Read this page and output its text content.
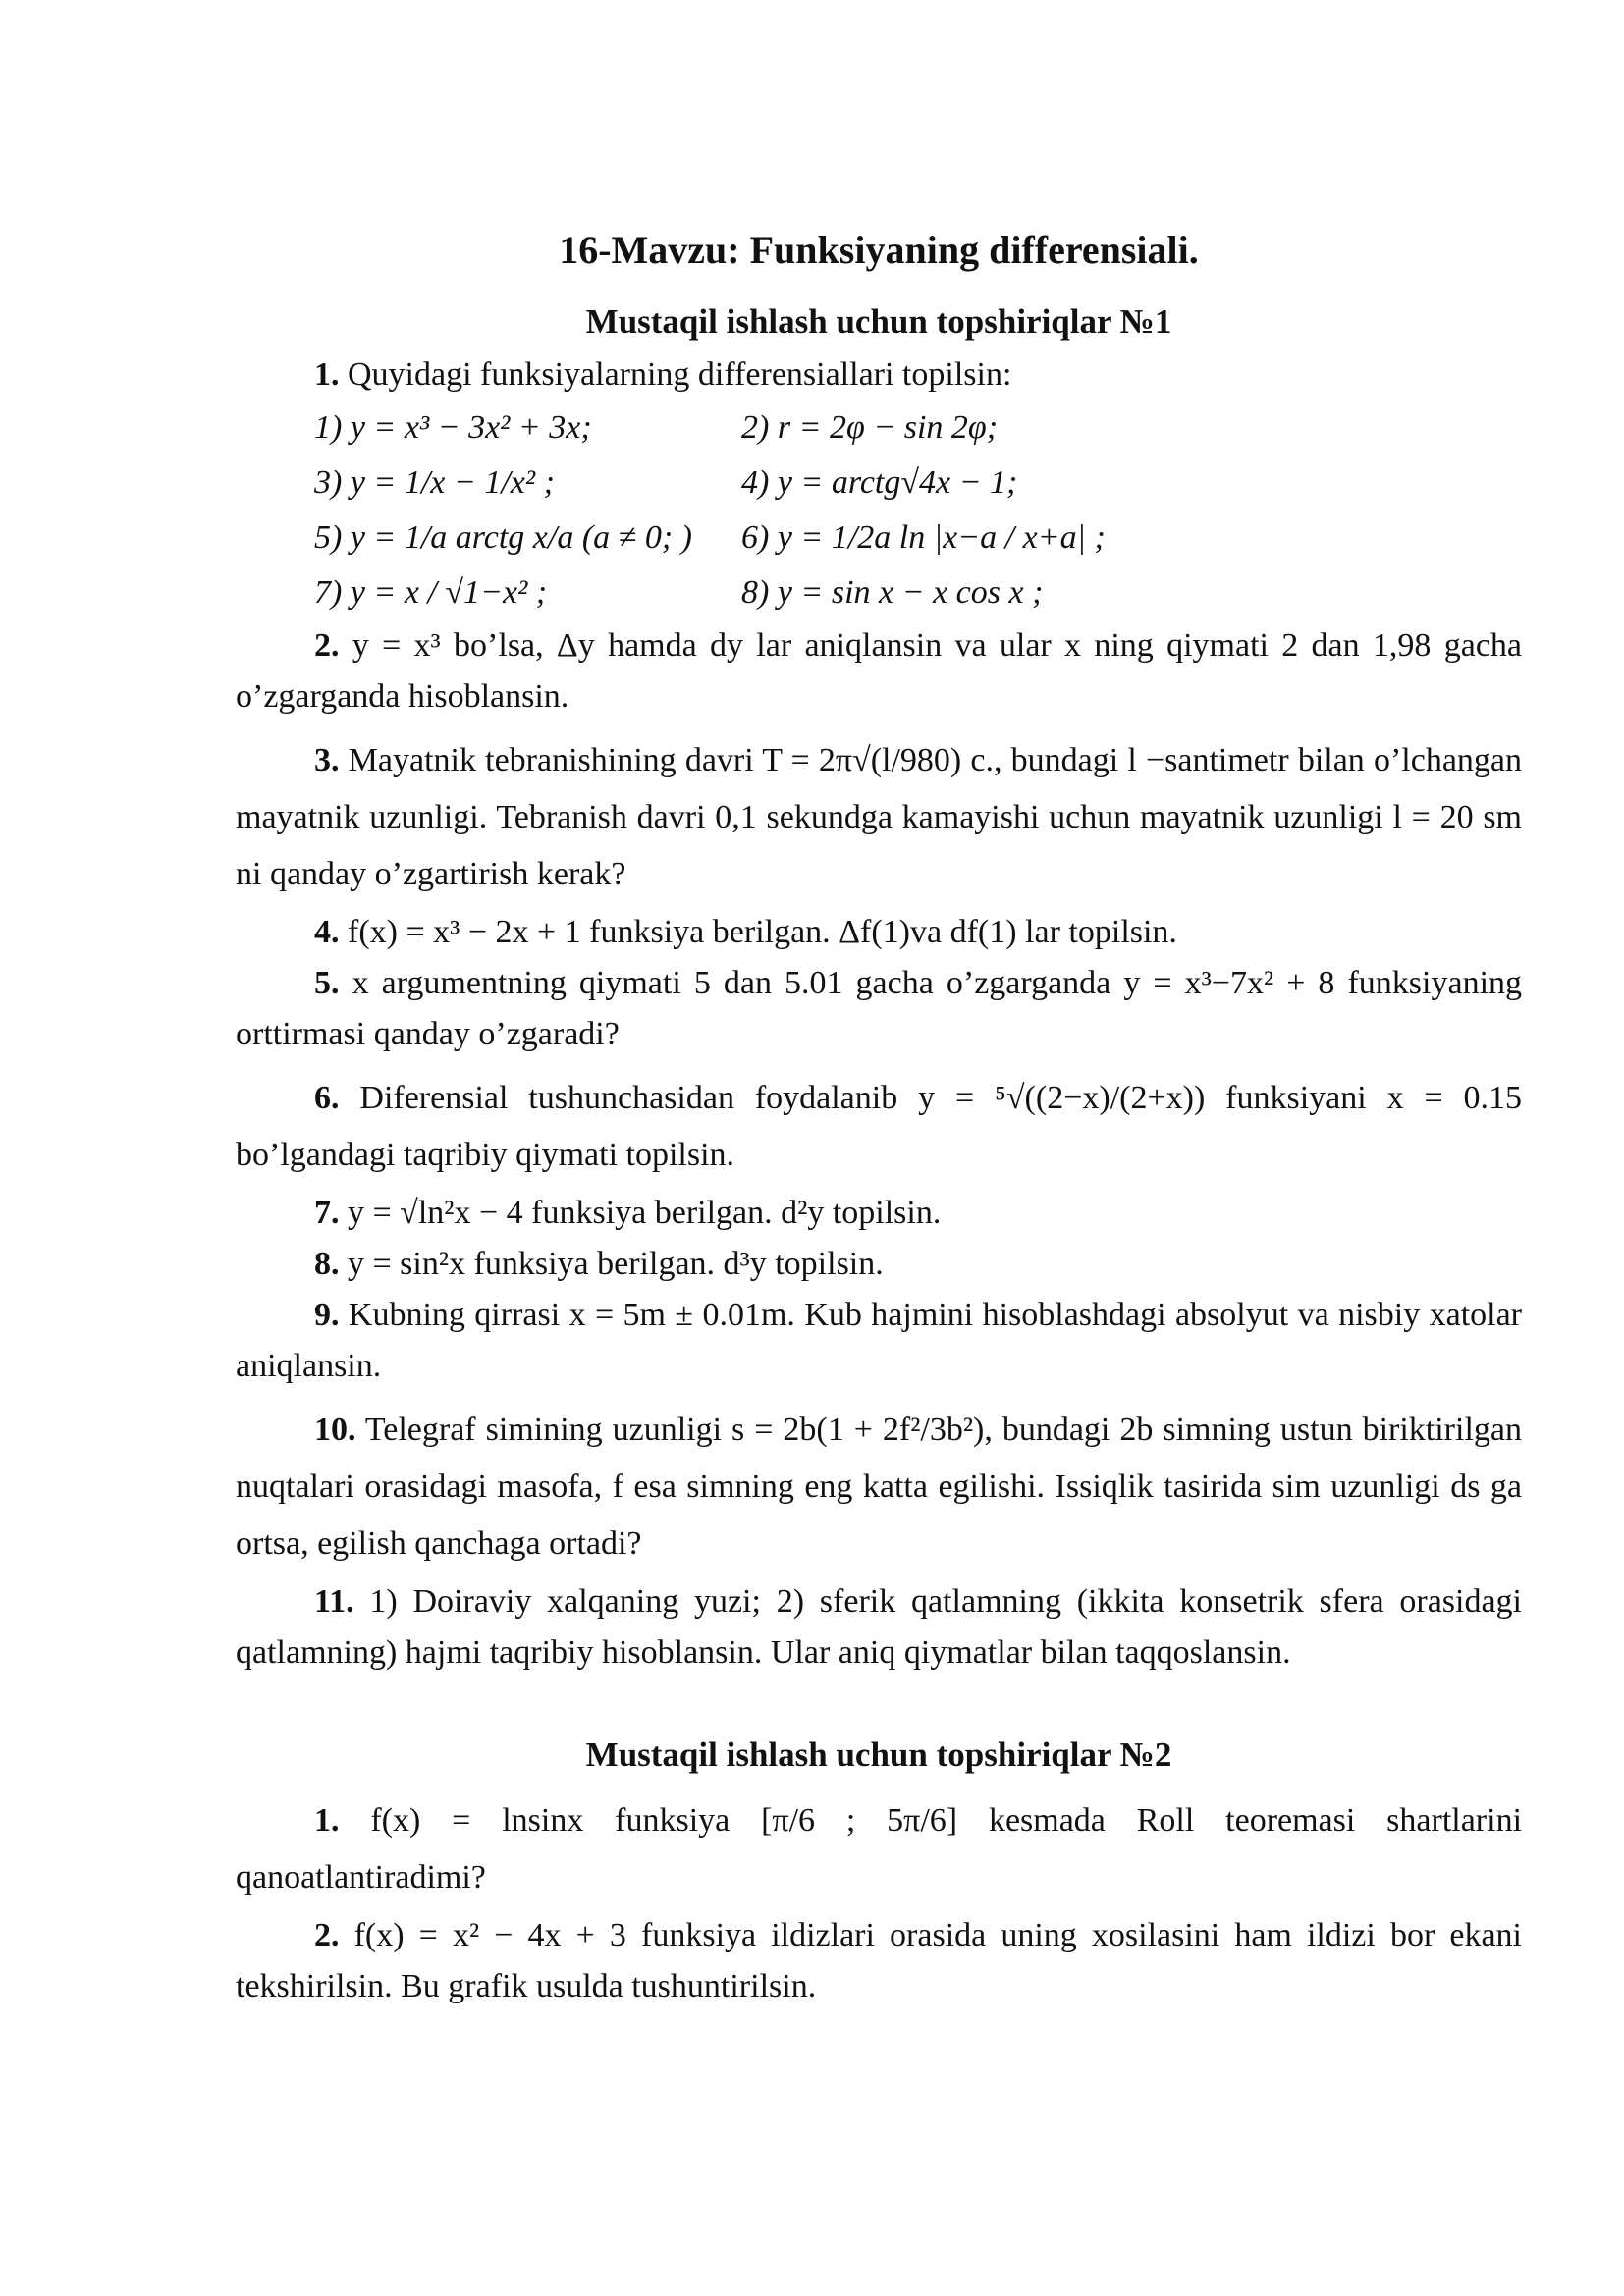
16-Mavzu: Funksiyaning differensiali.
Mustaqil ishlash uchun topshiriqlar №1
1. Quyidagi funksiyalarning differensiallari topilsin:
1) y = x³ − 3x² + 3x;	2) r = 2φ − sin 2φ;
3) y = 1/x − 1/x² ;	4) y = arctg√4x − 1;
5) y = 1/a arctg x/a (a ≠ 0; )	6) y = 1/2a ln |x−a / x+a| ;
7) y = x / √1−x² ;	8) y = sin x − x cos x ;
2. y = x³ bo’lsa, Δy hamda dy lar aniqlansin va ular x ning qiymati 2 dan 1,98 gacha o’zgarganda hisoblansin.
3. Mayatnik tebranishining davri T = 2π√(l/980) c., bundagi l −santimetr bilan o’lchangan mayatnik uzunligi. Tebranish davri 0,1 sekundga kamayishi uchun mayatnik uzunligi l = 20 sm ni qanday o’zgartirish kerak?
4. f(x) = x³ − 2x + 1 funksiya berilgan. Δf(1)va df(1) lar topilsin.
5. x argumentning qiymati 5 dan 5.01 gacha o’zgarganda y = x³−7x² + 8 funksiyaning orttirmasi qanday o’zgaradi?
6. Diferensial tushunchasidan foydalanib y = ⁵√((2−x)/(2+x)) funksiyani x = 0.15 bo’lgandagi taqribiy qiymati topilsin.
7. y = √ln²x − 4 funksiya berilgan. d²y topilsin.
8. y = sin²x funksiya berilgan. d³y topilsin.
9. Kubning qirrasi x = 5m ± 0.01m. Kub hajmini hisoblashdagi absolyut va nisbiy xatolar aniqlansin.
10. Telegraf simining uzunligi s = 2b(1 + 2f²/3b²), bundagi 2b simning ustun biriktirilgan nuqtalari orasidagi masofa, f esa simning eng katta egilishi. Issiqlik tasirida sim uzunligi ds ga ortsa, egilish qanchaga ortadi?
11. 1) Doiraviy xalqaning yuzi; 2) sferik qatlamning (ikkita konsetrik sfera orasidagi qatlamning) hajmi taqribiy hisoblansin. Ular aniq qiymatlar bilan taqqoslansin.
Mustaqil ishlash uchun topshiriqlar №2
1. f(x) = lnsinx funksiya [π/6 ; 5π/6] kesmada Roll teoremasi shartlarini qanoatlantiradimi?
2. f(x) = x² − 4x + 3 funksiya ildizlari orasida uning xosilasini ham ildizi bor ekani tekshirilsin. Bu grafik usulda tushuntirilsin.
